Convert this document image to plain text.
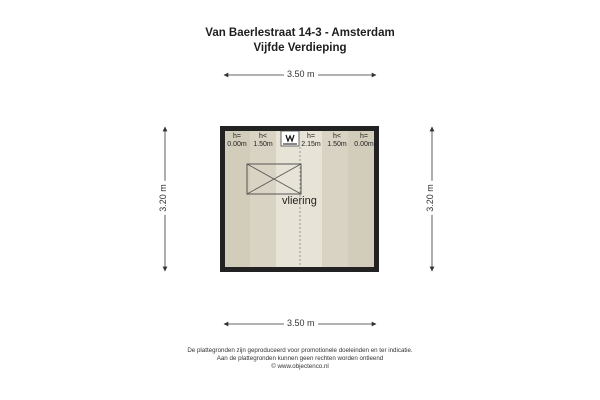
Van Baerlestraat 14-3 - Amsterdam
Vijfde Verdieping
3.50 m
3.50 m
3.20 m	3.20 m
h=
0.00m
h<
1.50m
h=
2.15m
h<
1.50m
h=
0.00m
vliering
De plattegronden zijn geproduceerd voor promotionele doeleinden en ter indicatie.
Aan de plattegronden kunnen geen rechten worden ontleend
© www.objectenco.nl
